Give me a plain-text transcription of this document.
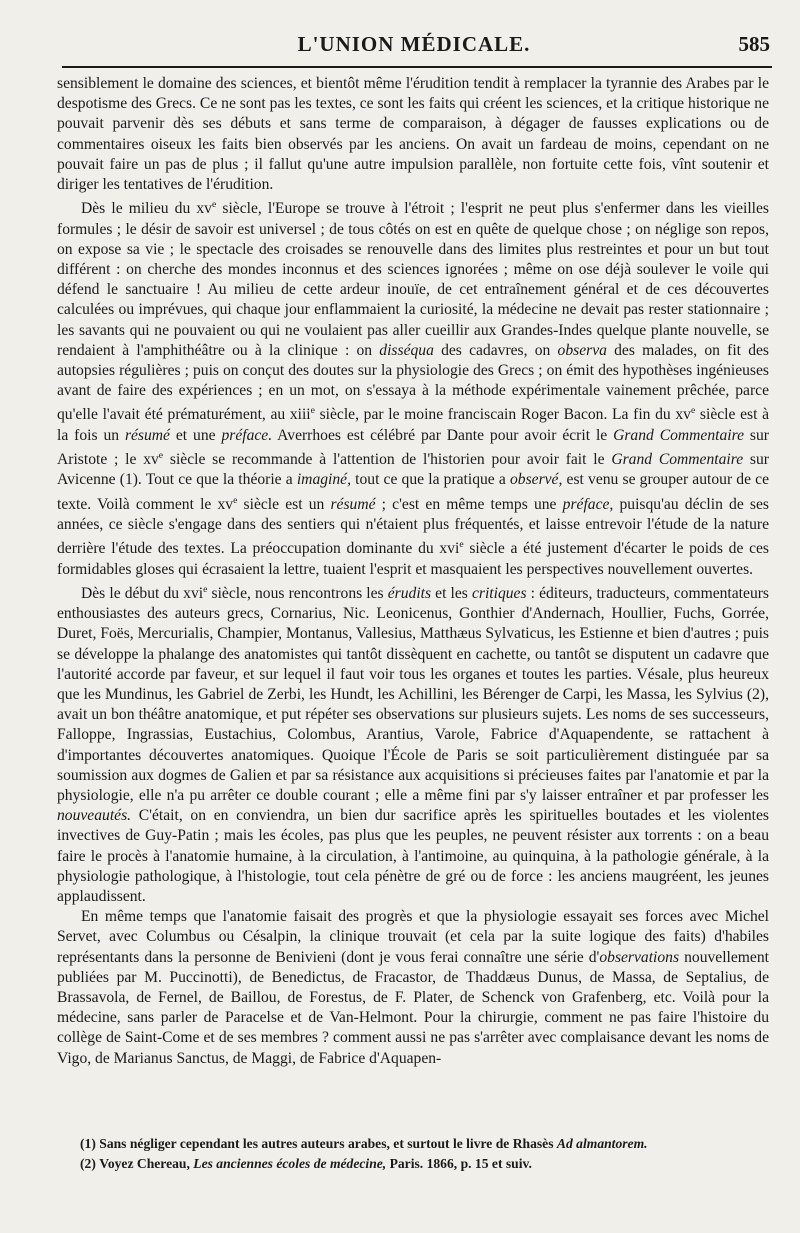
L'UNION MÉDICALE.	585

sensiblement le domaine des sciences, et bientôt même l'érudition tendit à remplacer la tyrannie des Arabes par le despotisme des Grecs. Ce ne sont pas les textes, ce sont les faits qui créent les sciences, et la critique historique ne pouvait parvenir dès ses débuts et sans terme de comparaison, à dégager de fausses explications ou de commentaires oiseux les faits bien observés par les anciens. On avait un fardeau de moins, cependant on ne pouvait faire un pas de plus ; il fallut qu'une autre impulsion parallèle, non fortuite cette fois, vînt soutenir et diriger les tentatives de l'érudition.

Dès le milieu du $xv^e$ siècle, l'Europe se trouve à l'étroit ; l'esprit ne peut plus s'enfermer dans les vieilles formules ; le désir de savoir est universel ; de tous côtés on est en quête de quelque chose ; on néglige son repos, on expose sa vie ; le spectacle des croisades se renouvelle dans des limites plus restreintes et pour un but tout différent : on cherche des mondes inconnus et des sciences ignorées ; même on ose déjà soulever le voile qui défend le sanctuaire ! Au milieu de cette ardeur inouïe, de cet entraînement général et de ces découvertes calculées ou imprévues, qui chaque jour enflammaient la curiosité, la médecine ne devait pas rester stationnaire ; les savants qui ne pouvaient ou qui ne voulaient pas aller cueillir aux Grandes-Indes quelque plante nouvelle, se rendaient à l'amphithéâtre ou à la clinique : on disséqua des cadavres, on observa des malades, on fit des autopsies régulières ; puis on conçut des doutes sur la physiologie des Grecs ; on émit des hypothèses ingénieuses avant de faire des expériences ; en un mot, on s'essaya à la méthode expérimentale vainement prêchée, parce qu'elle l'avait été prématurément, au xiii$^e$ siècle, par le moine franciscain Roger Bacon. La fin du $xv^e$ siècle est à la fois un résumé et une préface. Averrhoes est célébré par Dante pour avoir écrit le Grand Commentaire sur Aristote ; le $xv^e$ siècle se recommande à l'attention de l'historien pour avoir fait le Grand Commentaire sur Avicenne (1). Tout ce que la théorie a imaginé, tout ce que la pratique a observé, est venu se grouper autour de ce texte. Voilà comment le $xv^e$ siècle est un résumé ; c'est en même temps une préface, puisqu'au déclin de ses années, ce siècle s'engage dans des sentiers qui n'étaient plus fréquentés, et laisse entrevoir l'étude de la nature derrière l'étude des textes. La préoccupation dominante du xvi$^e$ siècle a été justement d'écarter le poids de ces formidables gloses qui écrasaient la lettre, tuaient l'esprit et masquaient les perspectives nouvellement ouvertes.

Dès le début du xvi$^e$ siècle, nous rencontrons les érudits et les critiques : éditeurs, traducteurs, commentateurs enthousiastes des auteurs grecs, Cornarius, Nic. Leonicenus, Gonthier d'Andernach, Houllier, Fuchs, Gorrée, Duret, Foës, Mercurialis, Champier, Montanus, Vallesius, Matthæus Sylvaticus, les Estienne et bien d'autres ; puis se développe la phalange des anatomistes qui tantôt dissèquent en cachette, ou tantôt se disputent un cadavre que l'autorité accorde par faveur, et sur lequel il faut voir tous les organes et toutes les parties. Vésale, plus heureux que les Mundinus, les Gabriel de Zerbi, les Hundt, les Achillini, les Bérenger de Carpi, les Massa, les Sylvius (2), avait un bon théâtre anatomique, et put répéter ses observations sur plusieurs sujets. Les noms de ses successeurs, Falloppe, Ingrassias, Eustachius, Colombus, Arantius, Varole, Fabrice d'Aquapendente, se rattachent à d'importantes découvertes anatomiques. Quoique l'École de Paris se soit particulièrement distinguée par sa soumission aux dogmes de Galien et par sa résistance aux acquisitions si précieuses faites par l'anatomie et par la physiologie, elle n'a pu arrêter ce double courant ; elle a même fini par s'y laisser entraîner et par professer les nouveautés. C'était, on en conviendra, un bien dur sacrifice après les spirituelles boutades et les violentes invectives de Guy-Patin ; mais les écoles, pas plus que les peuples, ne peuvent résister aux torrents : on a beau faire le procès à l'anatomie humaine, à la circulation, à l'antimoine, au quinquina, à la pathologie générale, à la physiologie pathologique, à l'histologie, tout cela pénètre de gré ou de force : les anciens maugréent, les jeunes applaudissent.

En même temps que l'anatomie faisait des progrès et que la physiologie essayait ses forces avec Michel Servet, avec Columbus ou Césalpin, la clinique trouvait (et cela par la suite logique des faits) d'habiles représentants dans la personne de Benivieni (dont je vous ferai connaître une série d'observations nouvellement publiées par M. Puccinotti), de Benedictus, de Fracastor, de Thaddæus Dunus, de Massa, de Septalius, de Brassavola, de Fernel, de Baillou, de Forestus, de F. Plater, de Schenck von Grafenberg, etc. Voilà pour la médecine, sans parler de Paracelse et de Van-Helmont. Pour la chirurgie, comment ne pas faire l'histoire du collège de Saint-Come et de ses membres ? comment aussi ne pas s'arrêter avec complaisance devant les noms de Vigo, de Marianus Sanctus, de Maggi, de Fabrice d'Aquapen-

(1) Sans négliger cependant les autres auteurs arabes, et surtout le livre de Rhasès Ad almantorem.

(2) Voyez Chereau, Les anciennes écoles de médecine, Paris. 1866, p. 15 et suiv.
